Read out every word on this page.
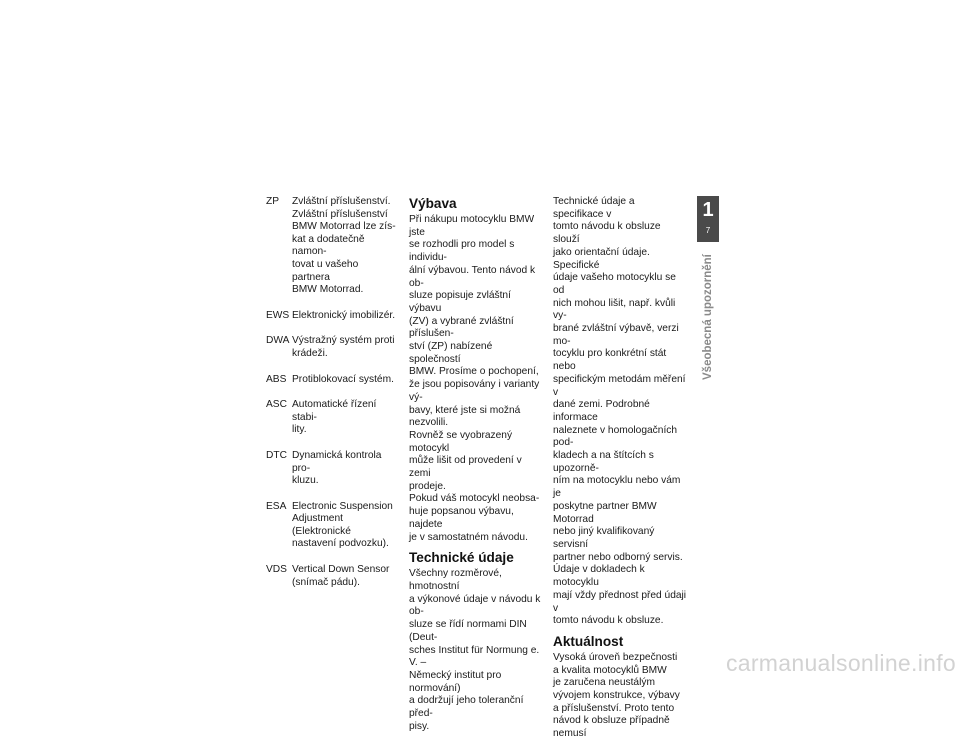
ZP	Zvláštní příslušenství.
Zvláštní příslušenství
BMW Motorrad lze zís-
kat a dodatečně namon-
tovat u vašeho partnera
BMW Motorrad.
EWS Elektronický imobilizér.
DWA Výstražný systém proti
krádeži.
ABS Protiblokovací systém.
ASC Automatické řízení stabi-
lity.
DTC Dynamická kontrola pro-
kluzu.
ESA Electronic Suspension
Adjustment (Elektronické
nastavení podvozku).
VDS Vertical Down Sensor
(snímač pádu).
Výbava

Při nákupu motocyklu BMW jste
se rozhodli pro model s individu-
ální výbavou. Tento návod k ob-
sluze popisuje zvláštní výbavu
(ZV) a vybrané zvláštní příslušen-
ství (ZP) nabízené společností
BMW. Prosíme o pochopení,
že jsou popisovány i varianty vý-
bavy, které jste si možná nezvolili.
Rovněž se vyobrazený motocykl
může lišit od provedení v zemi
prodeje.
Pokud váš motocykl neobsa-
huje popsanou výbavu, najdete
je v samostatném návodu.

Technické údaje

Všechny rozměrové, hmotnostní
a výkonové údaje v návodu k ob-
sluze se řídí normami DIN (Deut-
sches Institut für Normung e. V. –
Německý institut pro normování)
a dodržují jeho toleranční před-
pisy.

Technické údaje a specifikace v
tomto návodu k obsluze slouží
jako orientační údaje. Specifické
údaje vašeho motocyklu se od
nich mohou lišit, např. kvůli vy-
brané zvláštní výbavě, verzi mo-
tocyklu pro konkrétní stát nebo
specifickým metodám měření v
dané zemi. Podrobné informace
naleznete v homologačních pod-
kladech a na štítcích s upozorně-
ním na motocyklu nebo vám je
poskytne partner BMW Motorrad
nebo jiný kvalifikovaný servisní
partner nebo odborný servis.
Údaje v dokladech k motocyklu
mají vždy přednost před údaji v
tomto návodu k obsluze.

Aktuálnost

Vysoká úroveň bezpečnosti
a kvalita motocyklů BMW
je zaručena neustálým
vývojem konstrukce, výbavy
a příslušenství. Proto tento
návod k obsluze případně nemusí

1
7
Všeobecná upozornění
carmanualsonline.info
